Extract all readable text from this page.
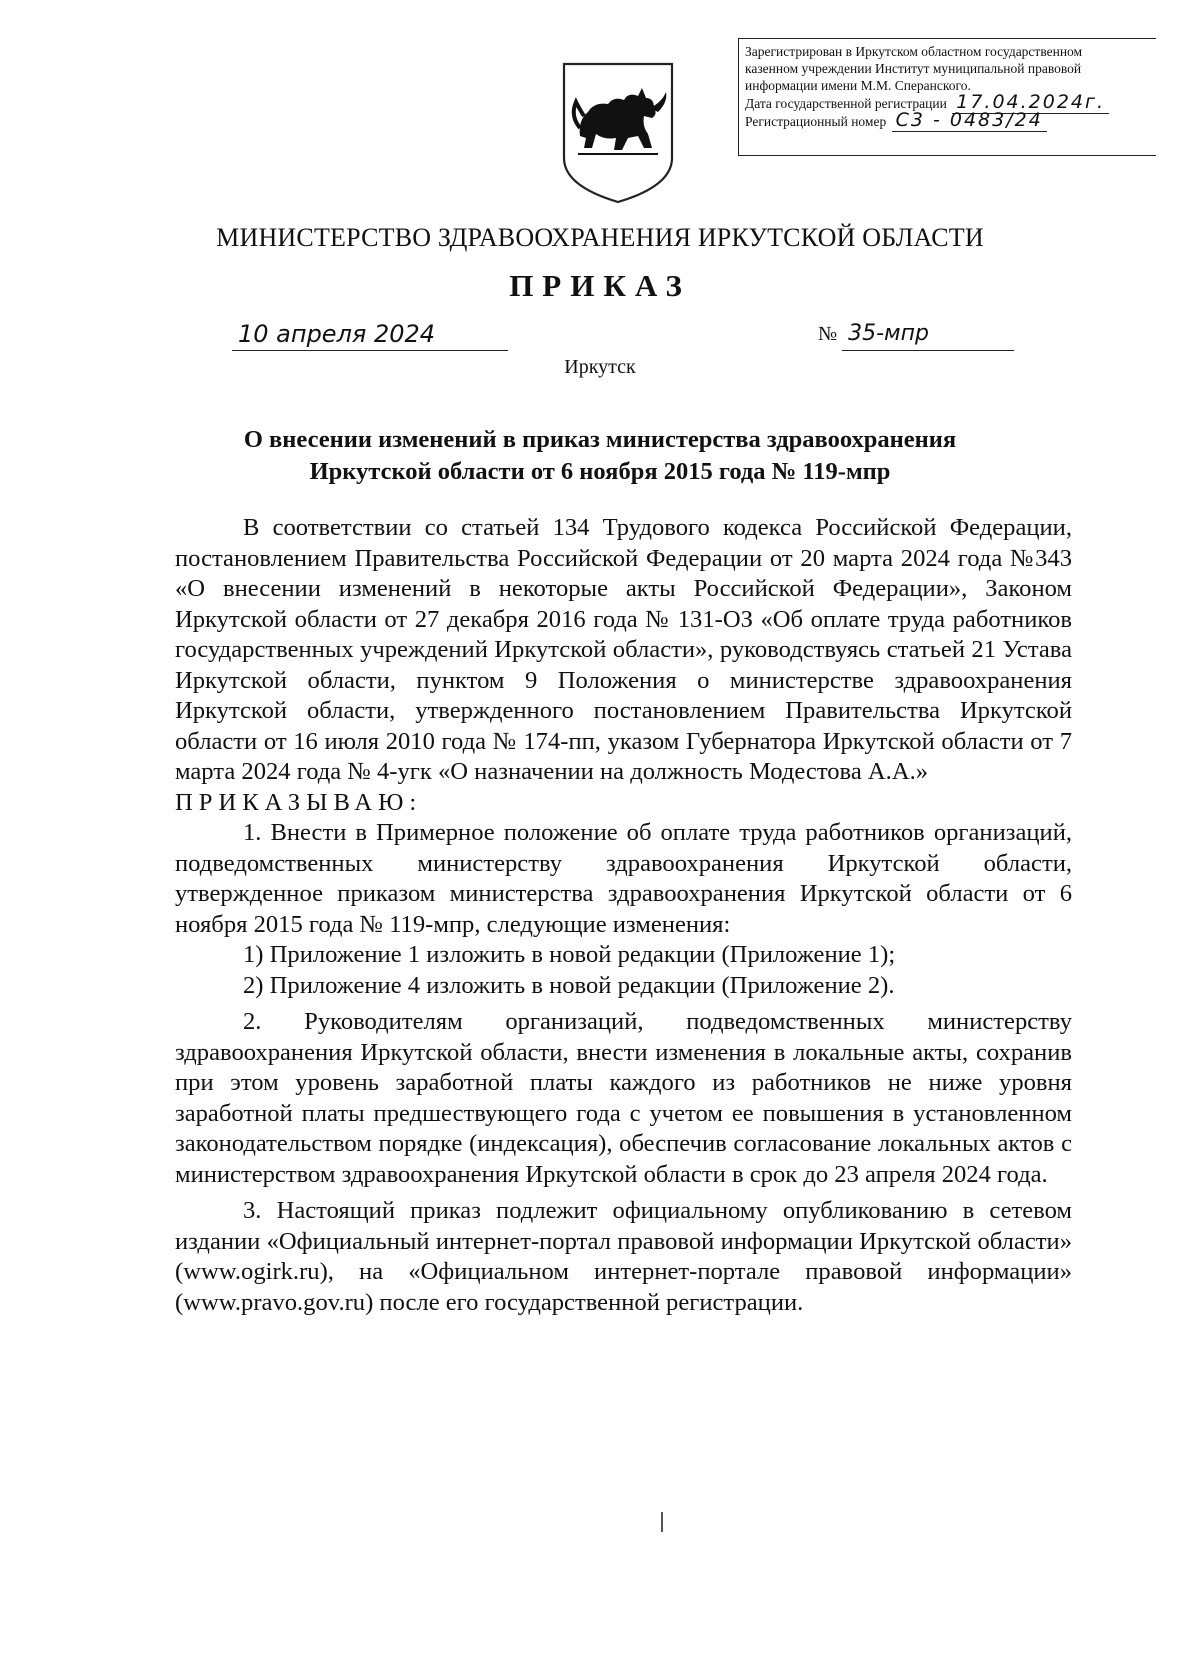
Зарегистрирован в Иркутском областном государственном
казенном учреждении Институт муниципальной правовой
информации имени М.М. Сперанского.
Дата государственной регистрации 17.04.2024г.
Регистрационный номер С3 - 0483/24
МИНИСТЕРСТВО ЗДРАВООХРАНЕНИЯ ИРКУТСКОЙ ОБЛАСТИ
ПРИКАЗ
10 апреля 2024	№ 35-мпр
Иркутск
О внесении изменений в приказ министерства здравоохранения
Иркутской области от 6 ноября 2015 года № 119-мпр

В соответствии со статьей 134 Трудового кодекса Российской Федерации, постановлением Правительства Российской Федерации от 20 марта 2024 года №343 «О внесении изменений в некоторые акты Российской Федерации», Законом Иркутской области от 27 декабря 2016 года № 131-ОЗ «Об оплате труда работников государственных учреждений Иркутской области», руководствуясь статьей 21 Устава Иркутской области, пунктом 9 Положения о министерстве здравоохранения Иркутской области, утвержденного постановлением Правительства Иркутской области от 16 июля 2010 года № 174-пп, указом Губернатора Иркутской области от 7 марта 2024 года № 4-угк «О назначении на должность Модестова А.А.»

ПРИКАЗЫВАЮ:

1. Внести в Примерное положение об оплате труда работников организаций, подведомственных министерству здравоохранения Иркутской области, утвержденное приказом министерства здравоохранения Иркутской области от 6 ноября 2015 года № 119-мпр, следующие изменения:

1) Приложение 1 изложить в новой редакции (Приложение 1);

2) Приложение 4 изложить в новой редакции (Приложение 2).

2. Руководителям организаций, подведомственных министерству здравоохранения Иркутской области, внести изменения в локальные акты, сохранив при этом уровень заработной платы каждого из работников не ниже уровня заработной платы предшествующего года с учетом ее повышения в установленном законодательством порядке (индексация), обеспечив согласование локальных актов с министерством здравоохранения Иркутской области в срок до 23 апреля 2024 года.

3. Настоящий приказ подлежит официальному опубликованию в сетевом издании «Официальный интернет-портал правовой информации Иркутской области» (www.ogirk.ru), на «Официальном интернет-портале правовой информации» (www.pravo.gov.ru) после его государственной регистрации.
